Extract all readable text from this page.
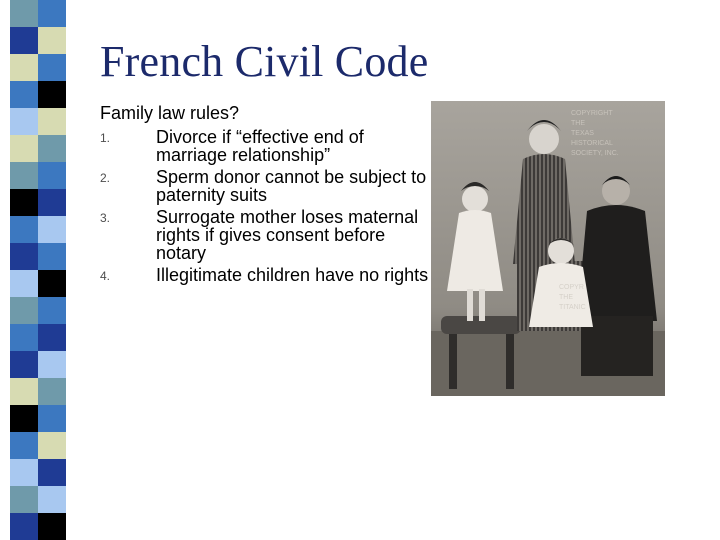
French Civil Code

Family law rules?

1.	Divorce if “effective end of marriage relationship”
2.	Sperm donor cannot be subject to paternity suits
3.	Surrogate mother loses maternal rights if gives consent before notary
4.	Illegitimate children have no rights
COPYRIGHT
THE
TEXAS
HISTORICAL
SOCIETY, INC.
COPYR
THE
TITANIC
